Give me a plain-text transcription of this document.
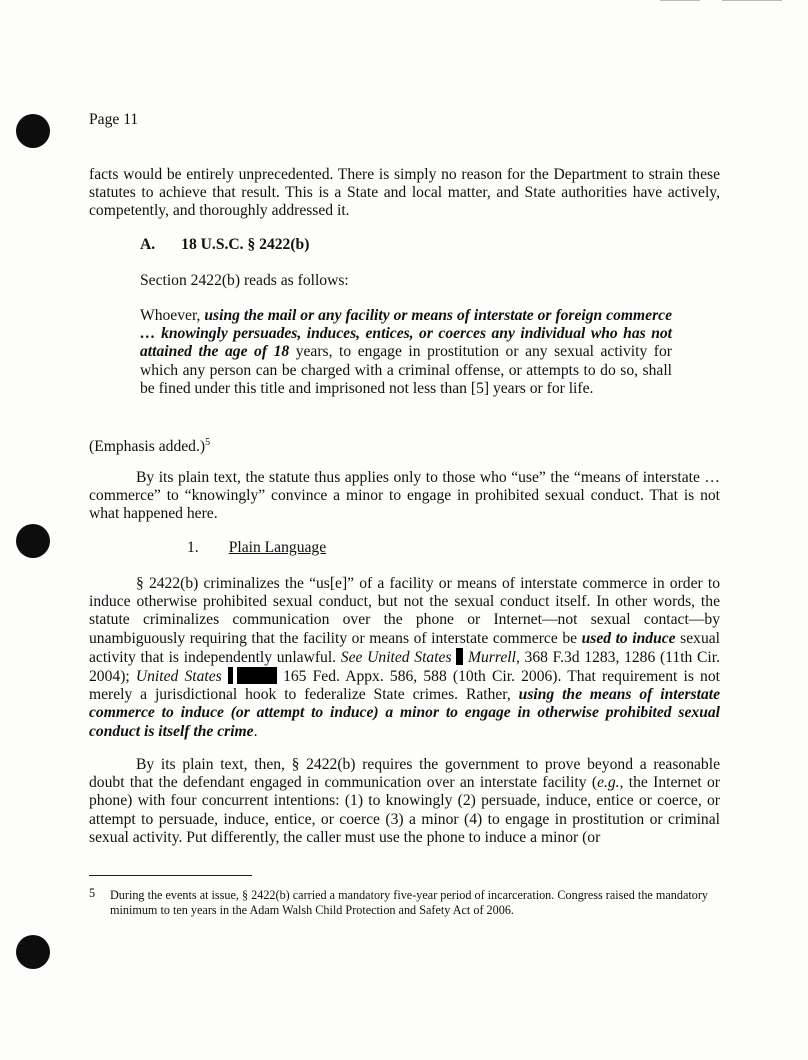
Page 11

facts would be entirely unprecedented. There is simply no reason for the Department to strain these statutes to achieve that result. This is a State and local matter, and State authorities have actively, competently, and thoroughly addressed it.

A. 18 U.S.C. § 2422(b)

Section 2422(b) reads as follows:

Whoever, using the mail or any facility or means of interstate or foreign commerce … knowingly persuades, induces, entices, or coerces any individual who has not attained the age of 18 years, to engage in prostitution or any sexual activity for which any person can be charged with a criminal offense, or attempts to do so, shall be fined under this title and imprisoned not less than [5] years or for life.

(Emphasis added.)$^5$

By its plain text, the statute thus applies only to those who “use” the “means of interstate … commerce” to “knowingly” convince a minor to engage in prohibited sexual conduct. That is not what happened here.

1. Plain Language

§ 2422(b) criminalizes the “us[e]” of a facility or means of interstate commerce in order to induce otherwise prohibited sexual conduct, but not the sexual conduct itself. In other words, the statute criminalizes communication over the phone or Internet—not sexual contact—by unambiguously requiring that the facility or means of interstate commerce be used to induce sexual activity that is independently unlawful. See United States Murrell, 368 F.3d 1283, 1286 (11th Cir. 2004); United States	165 Fed. Appx. 586, 588 (10th Cir. 2006). That requirement is not merely a jurisdictional hook to federalize State crimes. Rather, using the means of interstate commerce to induce (or attempt to induce) a minor to engage in otherwise prohibited sexual conduct is itself the crime.

By its plain text, then, § 2422(b) requires the government to prove beyond a reasonable doubt that the defendant engaged in communication over an interstate facility (e.g., the Internet or phone) with four concurrent intentions: (1) to knowingly (2) persuade, induce, entice or coerce, or attempt to persuade, induce, entice, or coerce (3) a minor (4) to engage in prostitution or criminal sexual activity. Put differently, the caller must use the phone to induce a minor (or

5	During the events at issue, § 2422(b) carried a mandatory five-year period of incarceration. Congress raised the mandatory minimum to ten years in the Adam Walsh Child Protection and Safety Act of 2006.
